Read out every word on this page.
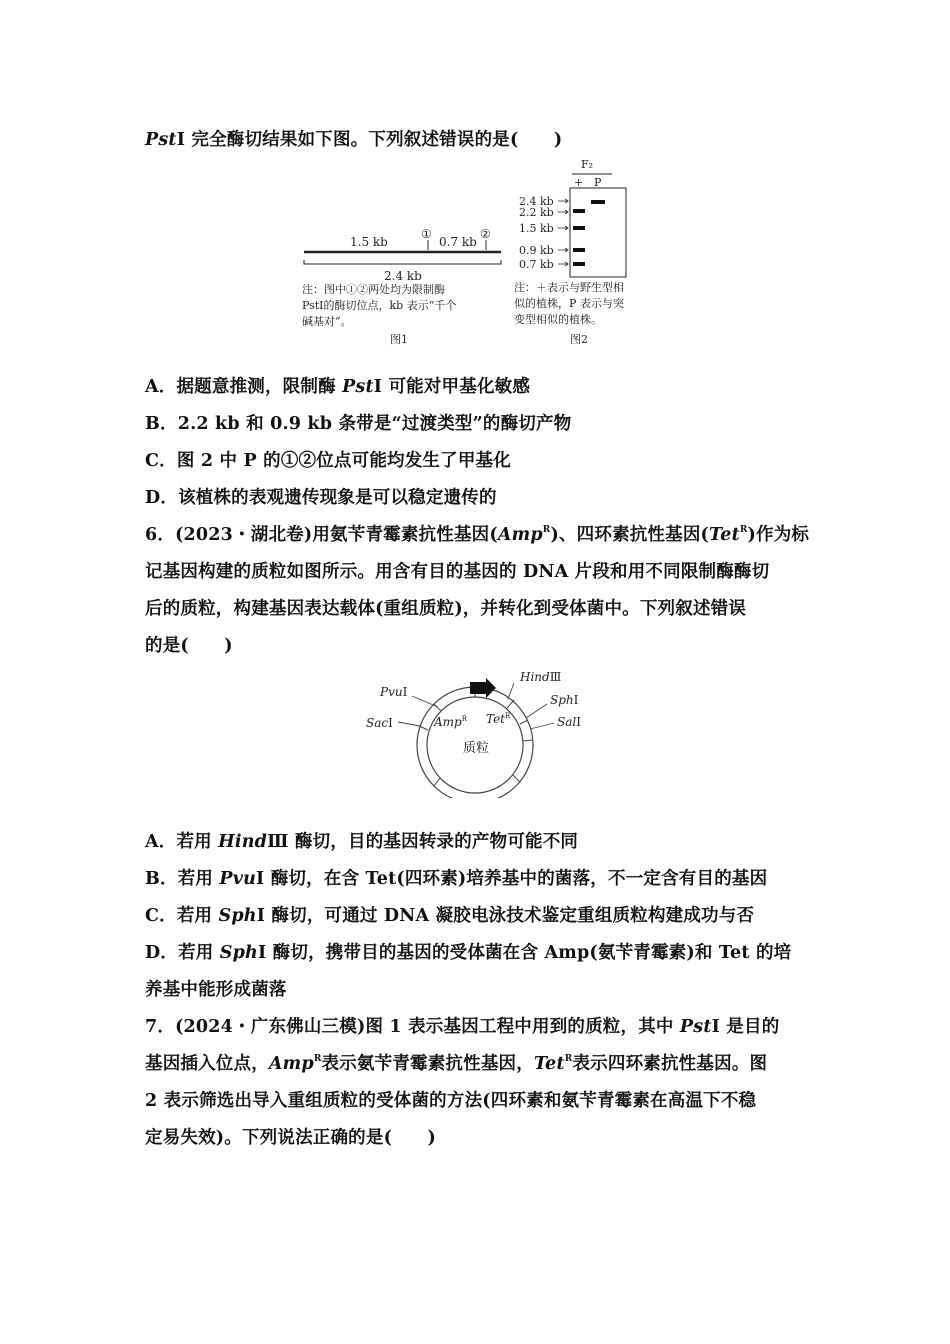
PstⅠ 完全酶切结果如下图。下列叙述错误的是(　　)
1.5 kb	0.7 kb
①	②
2.4 kb
注：图中①②两处均为限制酶
PstⅠ的酶切位点，kb 表示“千个
碱基对”。
图1
F₂
+ P
2.4 kb
2.2 kb
1.5 kb
0.9 kb
0.7 kb
注：＋表示与野生型相
似的植株，P 表示与突
变型相似的植株。
图2
A．据题意推测，限制酶 PstⅠ 可能对甲基化敏感
B．2.2 kb 和 0.9 kb 条带是“过渡类型”的酶切产物
C．图 2 中 P 的①②位点可能均发生了甲基化
D．该植株的表观遗传现象是可以稳定遗传的
6．(2023・湖北卷)用氨苄青霉素抗性基因(Amp$^R$)、四环素抗性基因(Tet$^R$)作为标
记基因构建的质粒如图所示。用含有目的基因的 DNA 片段和用不同限制酶酶切
后的质粒，构建基因表达载体(重组质粒)，并转化到受体菌中。下列叙述错误
的是(　　)
PvuⅠ
SacⅠ
HindⅢ
SphⅠ
SalⅠ
Amp$^R$ Tet$^R$
质粒
A．若用 HindⅢ 酶切，目的基因转录的产物可能不同
B．若用 PvuⅠ 酶切，在含 Tet(四环素)培养基中的菌落，不一定含有目的基因
C．若用 SphⅠ 酶切，可通过 DNA 凝胶电泳技术鉴定重组质粒构建成功与否
D．若用 SphⅠ 酶切，携带目的基因的受体菌在含 Amp(氨苄青霉素)和 Tet 的培
养基中能形成菌落
7．(2024・广东佛山三模)图 1 表示基因工程中用到的质粒，其中 PstⅠ 是目的
基因插入位点，Amp$^R$表示氨苄青霉素抗性基因，Tet$^R$表示四环素抗性基因。图
2 表示筛选出导入重组质粒的受体菌的方法(四环素和氨苄青霉素在高温下不稳
定易失效)。下列说法正确的是(　　)
